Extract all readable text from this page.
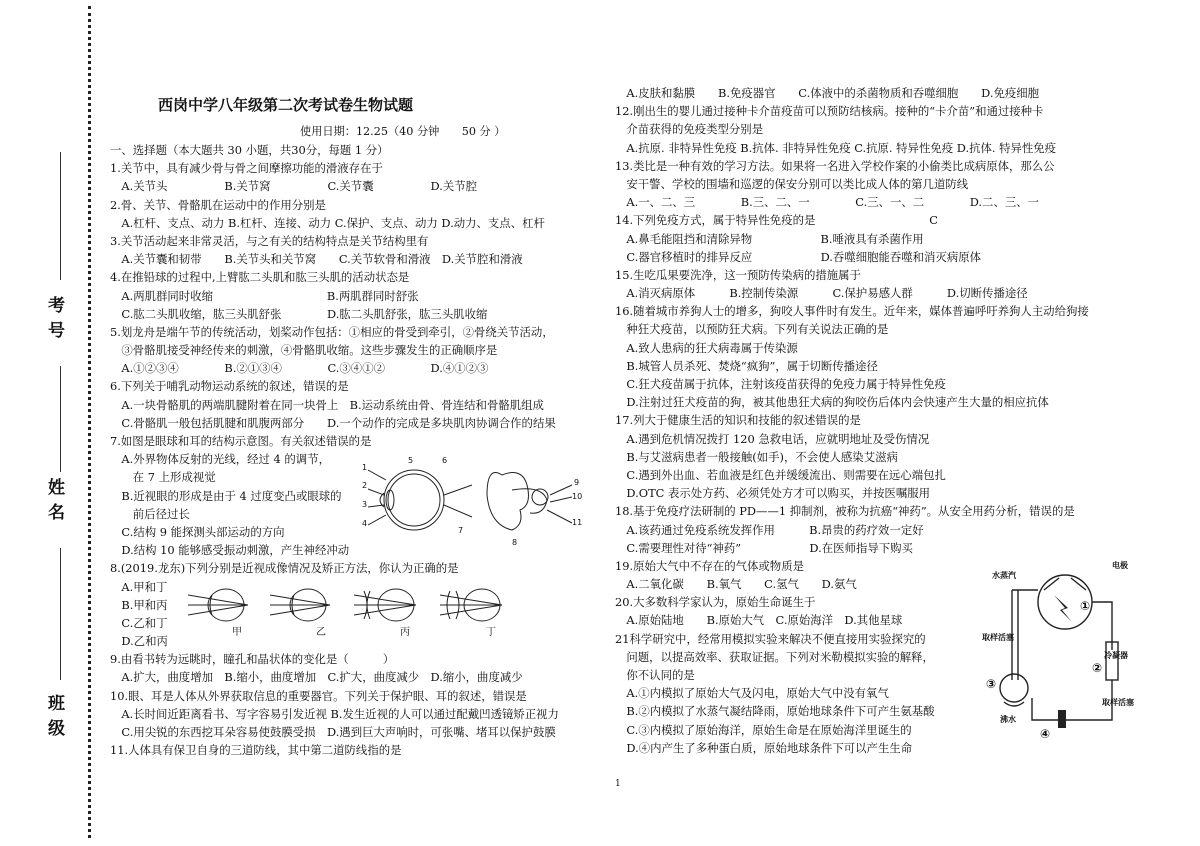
考号
姓名
班级
西岗中学八年级第二次考试卷生物试题
使用日期：12.25（40 分钟　　50 分 ）
一、选择题（本大题共 30 小题，共30分，每题 1 分）
1.关节中，具有减少骨与骨之间摩擦功能的滑液存在于
　A.关节头　　　　　B.关节窝　　　　　C.关节囊　　　　　D.关节腔
2.骨、关节、骨骼肌在运动中的作用分别是
　A.杠杆、支点、动力 B.杠杆、连接、动力 C.保护、支点、动力 D.动力、支点、杠杆
3.关节活动起来非常灵活，与之有关的结构特点是关节结构里有
　A.关节囊和韧带　　B.关节头和关节窝　　C.关节软骨和滑液　D.关节腔和滑液
4.在推铅球的过程中,上臂肱二头肌和肱三头肌的活动状态是
　A.两肌群同时收缩　　　　　　　　　　B.两肌群同时舒张
　C.肱二头肌收缩，肱三头肌舒张　　　　D.肱二头肌舒张，肱三头肌收缩
5.划龙舟是端午节的传统活动，划桨动作包括：①相应的骨受到牵引，②骨绕关节活动，
　③骨骼肌接受神经传来的刺激，④骨骼肌收缩。这些步骤发生的正确顺序是
　A.①②③④　　　　B.②①③④　　　　C.③④①②　　　　D.④①②③
6.下列关于哺乳动物运动系统的叙述，错误的是
　A.一块骨骼肌的两端肌腱附着在同一块骨上　B.运动系统由骨、骨连结和骨骼肌组成
　C.骨骼肌一般包括肌腱和肌腹两部分　　D.一个动作的完成是多块肌肉协调合作的结果
7.如图是眼球和耳的结构示意图。有关叙述错误的是
　A.外界物体反射的光线，经过 4 的调节，
　　在 7 上形成视觉
　B.近视眼的形成是由于 4 过度变凸或眼球的
　　前后径过长
　C.结构 9 能探测头部运动的方向
　D.结构 10 能够感受振动刺激，产生神经冲动
8.(2019.龙东)下列分别是近视成像情况及矫正方法，你认为正确的是
　A.甲和丁
　B.甲和丙
　C.乙和丁
　D.乙和丙
9.由看书转为远眺时，瞳孔和晶状体的变化是（　　　）
　A.扩大，曲度增加　B.缩小，曲度增加　C.扩大，曲度减少　D.缩小，曲度减少
10.眼、耳是人体从外界获取信息的重要器官。下列关于保护眼、耳的叙述，错误是
　A.长时间近距离看书、写字容易引发近视 B.发生近视的人可以通过配戴凹透镜矫正视力
　C.用尖锐的东西挖耳朵容易使鼓膜受损　D.遇到巨大声响时，可张嘴、堵耳以保护鼓膜
11.人体具有保卫自身的三道防线，其中第二道防线指的是
　A.皮肤和黏膜　　B.免疫器官　　C.体液中的杀菌物质和吞噬细胞　　D.免疫细胞
12.刚出生的婴儿通过接种卡介苗疫苗可以预防结核病。接种的“卡介苗”和通过接种卡
　介苗获得的免疫类型分别是
　A.抗原. 非特异性免疫 B.抗体. 非特异性免疫 C.抗原. 特异性免疫 D.抗体. 特异性免疫
13.类比是一种有效的学习方法。如果将一名进入学校作案的小偷类比成病原体，那么公
　安干警、学校的围墙和巡逻的保安分别可以类比成人体的第几道防线
　A.一、二、三　　　　B.三、二、一　　　　C.三、一、二　　　　D.二、三、一
14.下列免疫方式，属于特异性免疫的是　　　　　　　　　　C
　A.鼻毛能阻挡和清除异物　　　　　　B.唾液具有杀菌作用
　C.器官移植时的排异反应　　　　　　D.吞噬细胞能吞噬和消灭病原体
15.生吃瓜果要洗净，这一预防传染病的措施属于
　A.消灭病原体　　　B.控制传染源　　　C.保护易感人群　　　D.切断传播途径
16.随着城市养狗人士的增多，狗咬人事件时有发生。近年来，媒体普遍呼吁养狗人主动给狗接
　种狂犬疫苗，以预防狂犬病。下列有关说法正确的是
　A.致人患病的狂犬病毒属于传染源
　B.城管人员杀死、焚烧“疯狗”，属于切断传播途径
　C.狂犬疫苗属于抗体，注射该疫苗获得的免疫力属于特异性免疫
　D.注射过狂犬疫苗的狗，被其他患狂犬病的狗咬伤后体内会快速产生大量的相应抗体
17.列大于健康生活的知识和技能的叙述错误的是
　A.遇到危机情况拨打 120 急救电话，应就明地址及受伤情况
　B.与艾滋病患者一般接触(如手)，不会使人感染艾滋病
　C.遇到外出血、若血液是红色并缓缓流出、则需要在远心端包扎
　D.OTC 表示处方药、必须凭处方才可以购买，并按医嘱服用
18.基于免疫疗法研制的 PD——1 抑制剂，被称为抗癌“神药”。从安全用药分析，错误的是
　A.该药通过免疫系统发挥作用　　　B.昂贵的药疗效一定好
　C.需要理性对待“神药”　　　　　　D.在医师指导下购买
19.原始大气中不存在的气体或物质是
　A.二氧化碳　　B.氧气　　C.氢气　　D.氨气
20.大多数科学家认为，原始生命诞生于
　A.原始陆地　　B.原始大气　C.原始海洋　D.其他星球
21科学研究中，经常用模拟实验来解决不便直接用实验探究的
　问题，以提高效率、获取证据。下列对米勒模拟实验的解释，
　你不认同的是
　A.①内模拟了原始大气及闪电，原始大气中没有氧气
　B.②内模拟了水蒸气凝结降雨，原始地球条件下可产生氨基酸
　C.③内模拟了原始海洋，原始生命是在原始海洋里诞生的
　D.④内产生了多种蛋白质，原始地球条件下可以产生生命
1
2
3
4
5	6
7
8
9
10
11
甲	乙	丙	丁
电极
水蒸汽
取样活塞
冷凝器
取样活塞
沸水
③
②
①
④
1
